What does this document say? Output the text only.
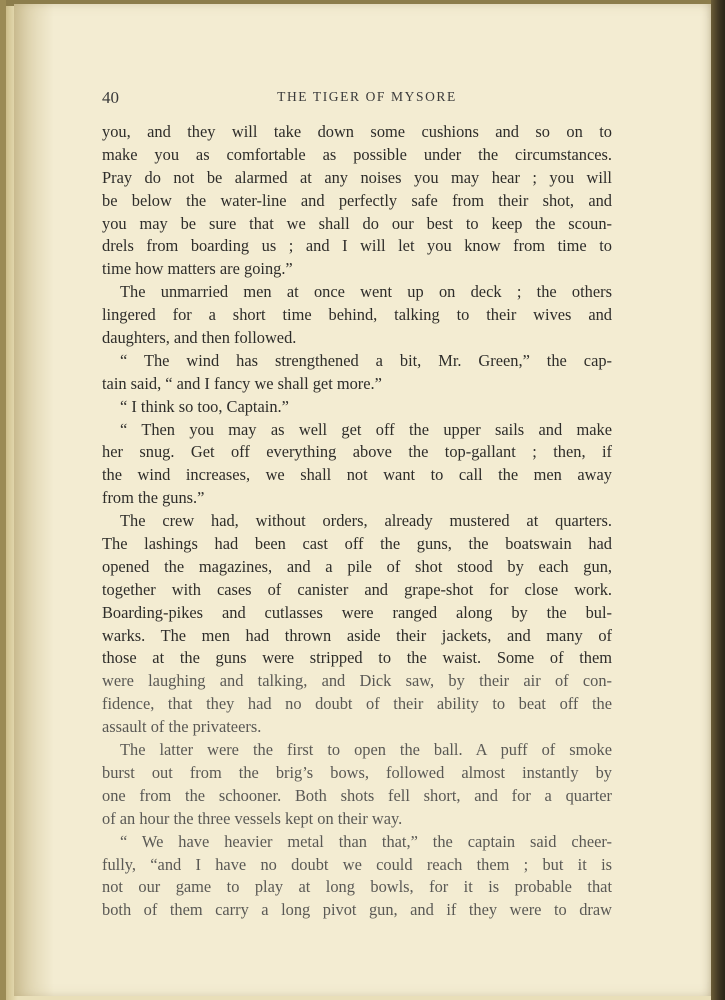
40	THE TIGER OF MYSORE
you, and they will take down some cushions and so on to
make you as comfortable as possible under the circumstances.
Pray do not be alarmed at any noises you may hear ; you will
be below the water-line and perfectly safe from their shot, and
you may be sure that we shall do our best to keep the scoun-
drels from boarding us ; and I will let you know from time to
time how matters are going.”
The unmarried men at once went up on deck ; the others
lingered for a short time behind, talking to their wives and
daughters, and then followed.
“ The wind has strengthened a bit, Mr. Green,” the cap-
tain said, “ and I fancy we shall get more.”
“ I think so too, Captain.”
“ Then you may as well get off the upper sails and make
her snug. Get off everything above the top-gallant ; then, if
the wind increases, we shall not want to call the men away
from the guns.”
The crew had, without orders, already mustered at quarters.
The lashings had been cast off the guns, the boatswain had
opened the magazines, and a pile of shot stood by each gun,
together with cases of canister and grape-shot for close work.
Boarding-pikes and cutlasses were ranged along by the bul-
warks. The men had thrown aside their jackets, and many of
those at the guns were stripped to the waist. Some of them
were laughing and talking, and Dick saw, by their air of con-
fidence, that they had no doubt of their ability to beat off the
assault of the privateers.
The latter were the first to open the ball. A puff of smoke
burst out from the brig’s bows, followed almost instantly by
one from the schooner. Both shots fell short, and for a quarter
of an hour the three vessels kept on their way.
“ We have heavier metal than that,” the captain said cheer-
fully, “and I have no doubt we could reach them ; but it is
not our game to play at long bowls, for it is probable that
both of them carry a long pivot gun, and if they were to draw
